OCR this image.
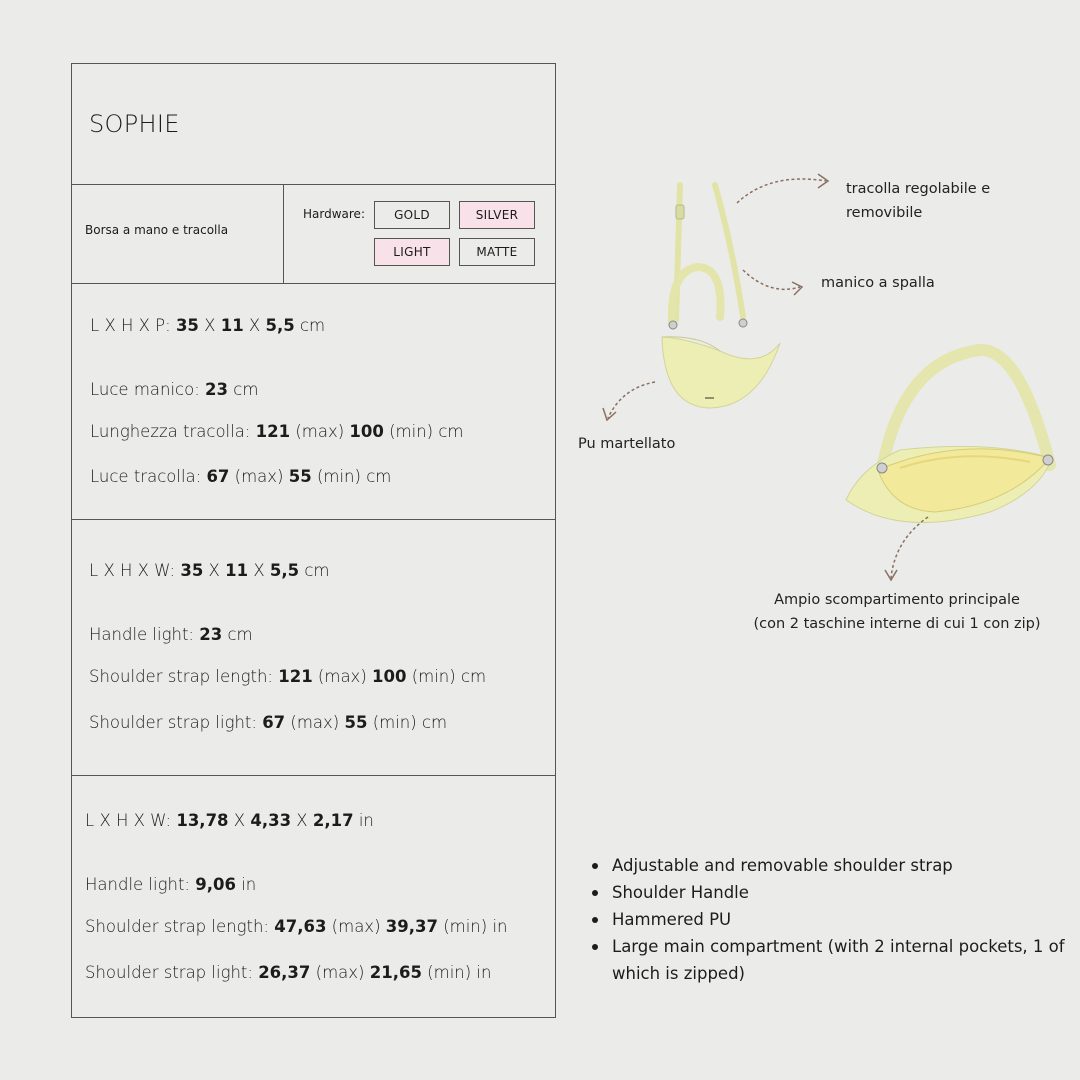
SOPHIE
Borsa a mano e tracolla
Hardware:	GOLD	SILVER
LIGHT	MATTE
L X H X P: 35 X 11 X 5,5 cm
Luce manico: 23 cm
Lunghezza tracolla: 121 (max) 100 (min) cm
Luce tracolla: 67 (max) 55 (min) cm
L X H X W: 35 X 11 X 5,5 cm
Handle light: 23 cm
Shoulder strap length: 121 (max) 100 (min) cm
Shoulder strap light: 67 (max) 55 (min) cm
L X H X W: 13,78 X 4,33 X 2,17 in
Handle light: 9,06 in
Shoulder strap length: 47,63 (max) 39,37 (min) in
Shoulder strap light: 26,37 (max) 21,65 (min) in
tracolla regolabile e
removibile
manico a spalla
Pu martellato
Ampio scompartimento principale
(con 2 taschine interne di cui 1 con zip)
Adjustable and removable shoulder strap
Shoulder Handle
Hammered PU
Large main compartment (with 2 internal pockets, 1 of which is zipped)
